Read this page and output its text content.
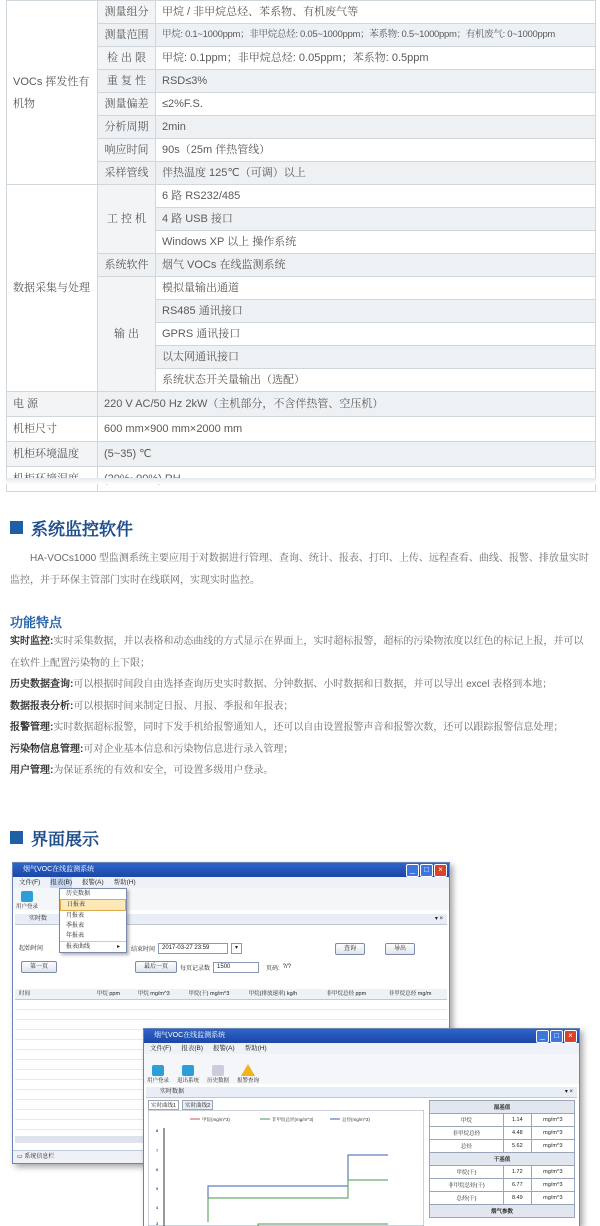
VOCs 挥发性有机物	测量组分	甲烷 / 非甲烷总烃、苯系物、有机废气等
	测量范围	甲烷: 0.1~1000ppm；非甲烷总烃: 0.05~1000ppm；苯系物: 0.5~1000ppm；有机废气: 0~1000ppm
	检 出 限	甲烷: 0.1ppm；非甲烷总烃: 0.05ppm；苯系物: 0.5ppm
	重 复 性	RSD≤3%
	测量偏差	≤2%F.S.
	分析周期	2min
	响应时间	90s（25m 伴热管线）
	采样管线	伴热温度 125℃（可调）以上
数据采集与处理	工 控 机	6 路 RS232/485
		4 路 USB 接口
		Windows XP 以上 操作系统
	系统软件	烟气 VOCs 在线监测系统
	输 出	模拟量输出通道
		RS485 通讯接口
		GPRS 通讯接口
		以太网通讯接口
		系统状态开关量输出（选配）
电 源	220 V AC/50 Hz 2kW（主机部分，不含伴热管、空压机）	
机柜尺寸	600 mm×900 mm×2000 mm	
机柜环境温度	(5~35) ℃	

系统监控软件
HA-VOCs1000 型监测系统主要应用于对数据进行管理、查询、统计、报表、打印、上传、远程查看、曲线、报警、排放量实时监控，并于环保主管部门实时在线联网，实现实时监控。
功能特点
实时监控:实时采集数据，并以表格和动态曲线的方式显示在界面上，实时超标报警，超标的污染物浓度以红色的标记上报，并可以在软件上配置污染物的上下限；
历史数据查询:可以根据时间段自由选择查询历史实时数据、分钟数据、小时数据和日数据，并可以导出 excel 表格到本地；
数据报表分析:可以根据时间来制定日报、月报、季报和年报表；
报警管理:实时数据超标报警，同时下发手机给报警通知人，还可以自由设置报警声音和报警次数，还可以跟踪报警信息处理；
污染物信息管理:可对企业基本信息和污染物信息进行录入管理；
用户管理:为保证系统的有效和安全，可设置多级用户登录。
界面展示
烟气VOC在线监测系统	_	□	×
文件(F) 报表(B) 报警(A) 帮助(H)
用户登录
实时数	▾ ×
历史数据
日报表
月报表
季报表
年报表
报表曲线	▸
起始时间	结束时间	2017-03-27 23:59	▾	查询	导出
第一页	最后一页	每页记录数	1500	页码: ?/?
时间	甲烷 ppm	甲烷 mg/m^3	甲烷(干) mg/m^3	甲烷(排放速率) kg/h	非甲烷总烃 ppm	非甲烷总烃 mg/m
▭ 系统信息栏
烟气VOC在线监测系统	_	□	×
文件(F) 报表(B) 报警(A) 帮助(H)
用户登录 退出系统 历史数据 报警查询
实时数据	▾ ×
实时曲线1	实时曲线2
甲烷(mg/m^3)	非甲烷总烃(mg/m^3)	总烃(mg/m^3)
8
7
6
5
4
3
湿基值		
甲烷	1.14	mg/m^3
非甲烷总烃	4.48	mg/m^3
总烃	5.62	mg/m^3
干基值		
甲烷(干)	1.72	mg/m^3
非甲烷总烃(干)	6.77	mg/m^3
总烃(干)	8.49	mg/m^3
烟气参数		
